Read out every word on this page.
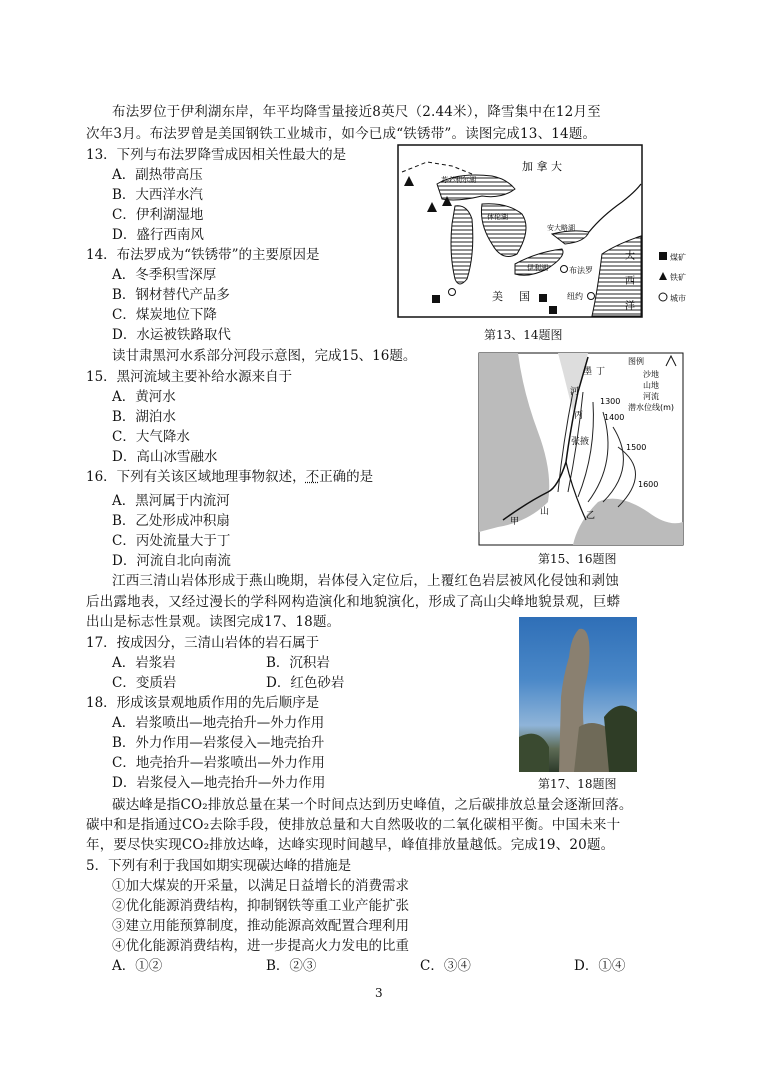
布法罗位于伊利湖东岸，年平均降雪量接近8英尺（2.44米），降雪集中在12月至
次年3月。布法罗曾是美国钢铁工业城市，如今已成“铁锈带”。读图完成13、14题。
13．下列与布法罗降雪成因相关性最大的是
A．副热带高压
B．大西洋水汽
C．伊利湖湿地
D．盛行西南风
14．布法罗成为“铁锈带”的主要原因是
A．冬季积雪深厚
B．钢材替代产品多
C．煤炭地位下降
D．水运被铁路取代
加 拿 大
美 国
苏必利尔湖
休伦湖
安大略湖
伊利湖	布法罗
纽约
大
西
洋
煤矿
铁矿
城市
第13、14题图
读甘肃黑河水系部分河段示意图，完成15、16题。
15．黑河流域主要补给水源来自于
A．黄河水
B．湖泊水
C．大气降水
D．高山冰雪融水
16．下列有关该区域地理事物叙述，不正确的是
A．黑河属于内流河
B．乙处形成冲积扇
C．丙处流量大于丁
D．河流自北向南流
墨 丁
河
丙
张掖
乙
甲
山
1300
1400
1500
1600
图例
沙地
山地
河流
潜水位线(m)
第15、16题图
江西三清山岩体形成于燕山晚期，岩体侵入定位后，上覆红色岩层被风化侵蚀和剥蚀
后出露地表，又经过漫长的学科网构造演化和地貌演化，形成了高山尖峰地貌景观，巨蟒
出山是标志性景观。读图完成17、18题。
17．按成因分，三清山岩体的岩石属于
A．岩浆岩	B．沉积岩
C．变质岩	D．红色砂岩
18．形成该景观地质作用的先后顺序是
A．岩浆喷出—地壳抬升—外力作用
B．外力作用—岩浆侵入—地壳抬升
C．地壳抬升—岩浆喷出—外力作用
D．岩浆侵入—地壳抬升—外力作用	第17、18题图
碳达峰是指CO₂排放总量在某一个时间点达到历史峰值，之后碳排放总量会逐渐回落。
碳中和是指通过CO₂去除手段，使排放总量和大自然吸收的二氧化碳相平衡。中国未来十
年，要尽快实现CO₂排放达峰，达峰实现时间越早，峰值排放量越低。完成19、20题。
5．下列有利于我国如期实现碳达峰的措施是
①加大煤炭的开采量，以满足日益增长的消费需求
②优化能源消费结构，抑制钢铁等重工业产能扩张
③建立用能预算制度，推动能源高效配置合理利用
④优化能源消费结构，进一步提高火力发电的比重
A．①②	B．②③	C．③④	D．①④
3
